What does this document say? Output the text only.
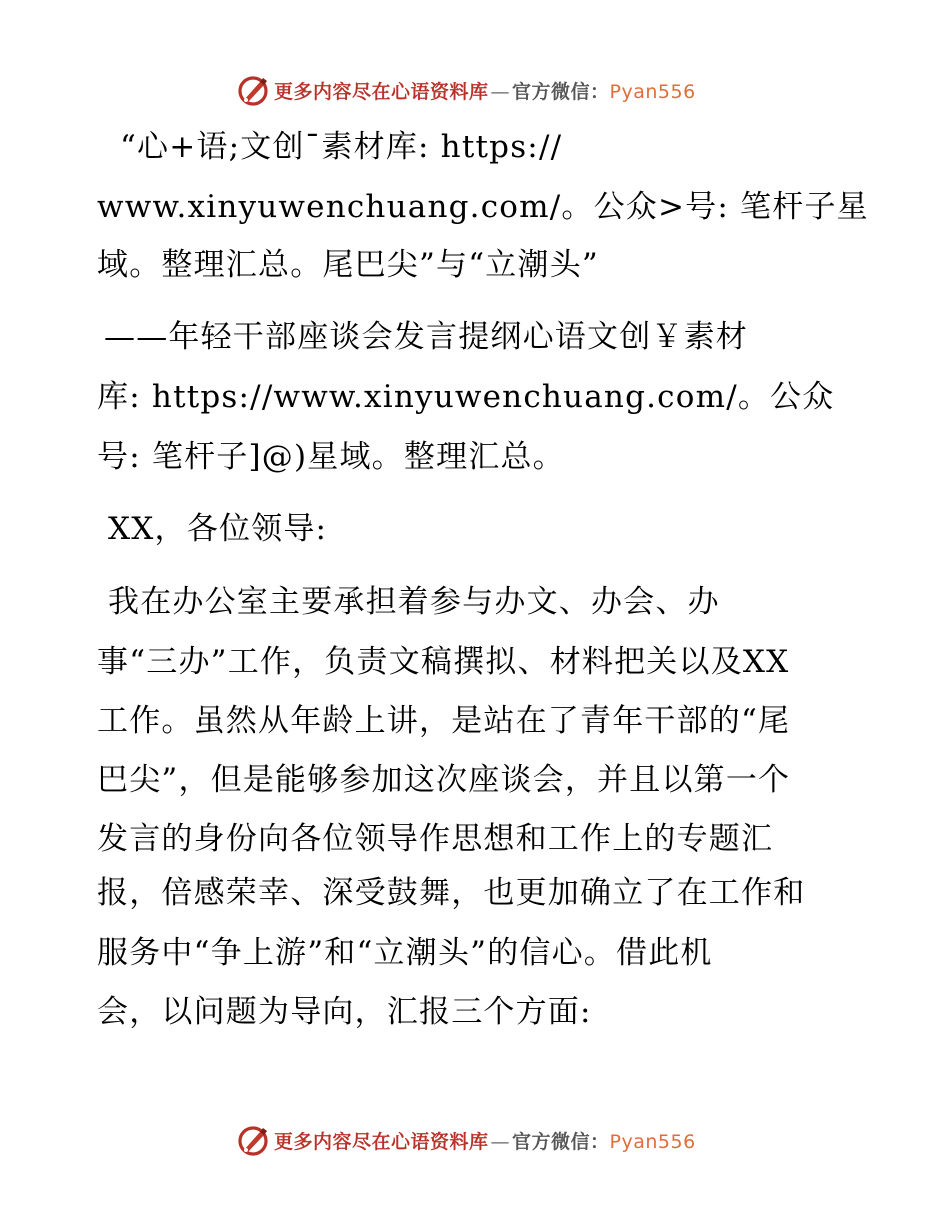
更多内容尽在心语资料库 — 官方微信：Pyan556
“心+语;文创¯素材库: https://
www.xinyuwenchuang.com/。公众>号: 笔杆子星
域。整理汇总。尾巴尖”与“立潮头”
——年轻干部座谈会发言提纲心语文创￥素材
库: https://www.xinyuwenchuang.com/。公众
号: 笔杆子]@)星域。整理汇总。
XX，各位领导:
我在办公室主要承担着参与办文、办会、办
事“三办”工作，负责文稿撰拟、材料把关以及XX
工作。虽然从年龄上讲，是站在了青年干部的“尾
巴尖”，但是能够参加这次座谈会，并且以第一个
发言的身份向各位领导作思想和工作上的专题汇
报，倍感荣幸、深受鼓舞，也更加确立了在工作和
服务中“争上游”和“立潮头”的信心。借此机
会，以问题为导向，汇报三个方面:
更多内容尽在心语资料库 — 官方微信：Pyan556
